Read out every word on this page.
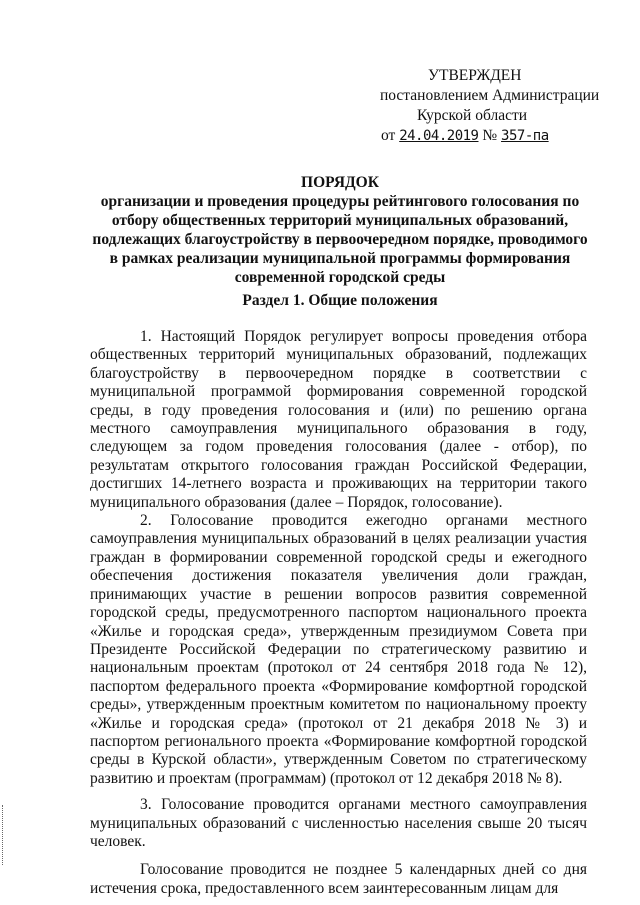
УТВЕРЖДЕН
постановлением Администрации
Курской области
от 24.04.2019 № 357-па
ПОРЯДОК
организации и проведения процедуры рейтингового голосования по
отбору общественных территорий муниципальных образований,
подлежащих благоустройству в первоочередном порядке, проводимого
в рамках реализации муниципальной программы формирования
современной городской среды
Раздел 1. Общие положения

1. Настоящий Порядок регулирует вопросы проведения отбора общественных территорий муниципальных образований, подлежащих благоустройству в первоочередном порядке в соответствии с муниципальной программой формирования современной городской среды, в году проведения голосования и (или) по решению органа местного самоуправления муниципального образования в году, следующем за годом проведения голосования (далее - отбор), по результатам открытого голосования граждан Российской Федерации, достигших 14-летнего возраста и проживающих на территории такого муниципального образования (далее – Порядок, голосование).

2. Голосование проводится ежегодно органами местного самоуправления муниципальных образований в целях реализации участия граждан в формировании современной городской среды и ежегодного обеспечения достижения показателя увеличения доли граждан, принимающих участие в решении вопросов развития современной городской среды, предусмотренного паспортом национального проекта «Жилье и городская среда», утвержденным президиумом Совета при Президенте Российской Федерации по стратегическому развитию и национальным проектам (протокол от 24 сентября 2018 года № 12), паспортом федерального проекта «Формирование комфортной городской среды», утвержденным проектным комитетом по национальному проекту «Жилье и городская среда» (протокол от 21 декабря 2018 № 3) и паспортом регионального проекта «Формирование комфортной городской среды в Курской области», утвержденным Советом по стратегическому развитию и проектам (программам) (протокол от 12 декабря 2018 № 8).

3. Голосование проводится органами местного самоуправления муниципальных образований с численностью населения свыше 20 тысяч человек.

Голосование проводится не позднее 5 календарных дней со дня истечения срока, предоставленного всем заинтересованным лицам для
